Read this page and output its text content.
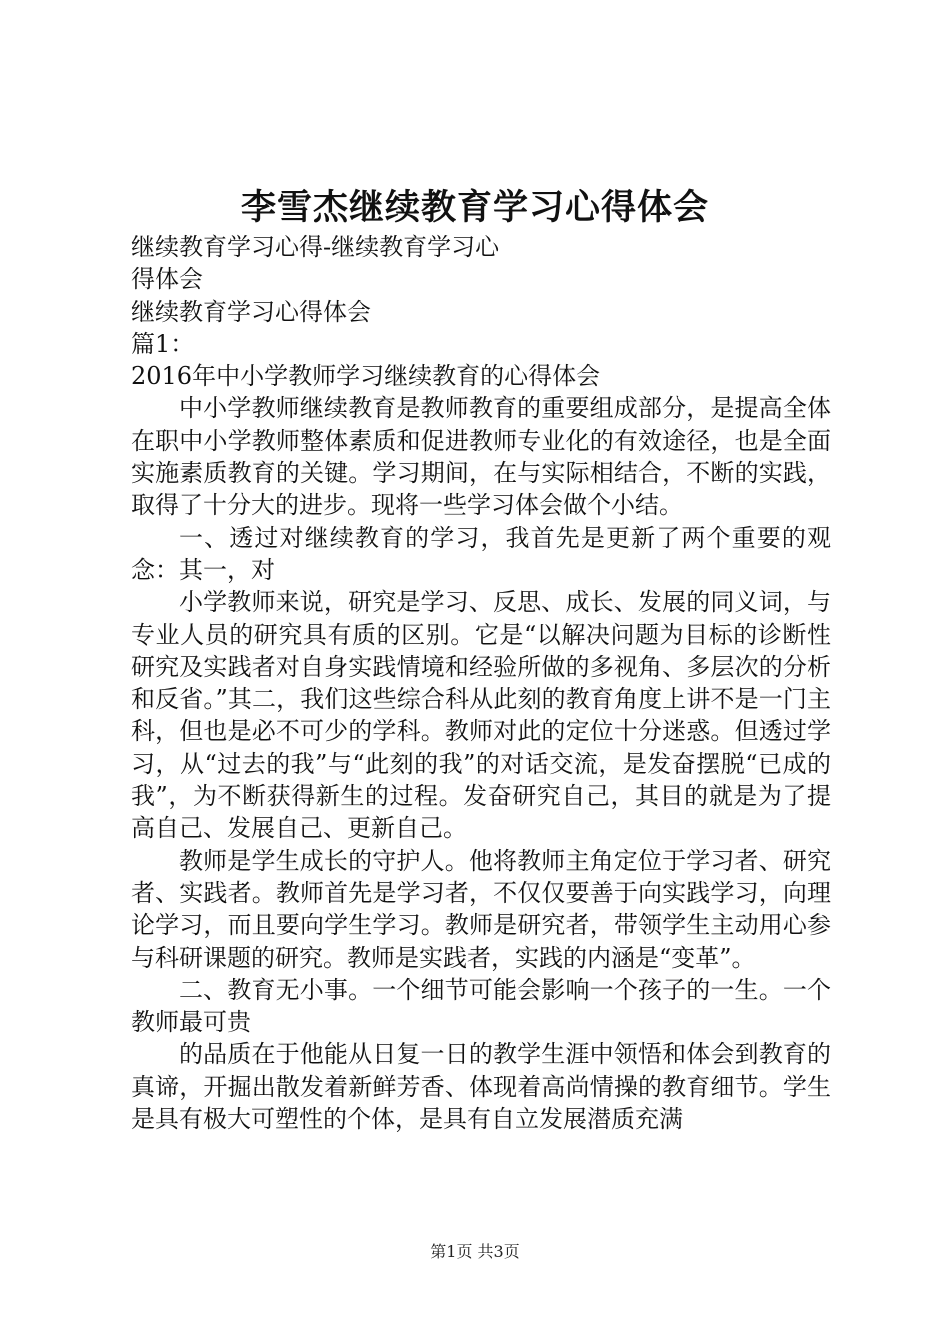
李雪杰继续教育学习心得体会

继续教育学习心得-继续教育学习心

得体会

继续教育学习心得体会

篇1：

2016年中小学教师学习继续教育的心得体会

中小学教师继续教育是教师教育的重要组成部分，是提高全体在职中小学教师整体素质和促进教师专业化的有效途径，也是全面实施素质教育的关键。学习期间，在与实际相结合，不断的实践，取得了十分大的进步。现将一些学习体会做个小结。

一、透过对继续教育的学习，我首先是更新了两个重要的观念：其一，对

小学教师来说，研究是学习、反思、成长、发展的同义词，与专业人员的研究具有质的区别。它是“以解决问题为目标的诊断性研究及实践者对自身实践情境和经验所做的多视角、多层次的分析和反省。”其二，我们这些综合科从此刻的教育角度上讲不是一门主科，但也是必不可少的学科。教师对此的定位十分迷惑。但透过学习，从“过去的我”与“此刻的我”的对话交流，是发奋摆脱“已成的我”，为不断获得新生的过程。发奋研究自己，其目的就是为了提高自己、发展自己、更新自己。

教师是学生成长的守护人。他将教师主角定位于学习者、研究者、实践者。教师首先是学习者，不仅仅要善于向实践学习，向理论学习，而且要向学生学习。教师是研究者，带领学生主动用心参与科研课题的研究。教师是实践者，实践的内涵是“变革”。

二、教育无小事。一个细节可能会影响一个孩子的一生。一个教师最可贵

的品质在于他能从日复一日的教学生涯中领悟和体会到教育的真谛，开掘出散发着新鲜芳香、体现着高尚情操的教育细节。学生是具有极大可塑性的个体，是具有自立发展潜质充满

第1页 共3页
